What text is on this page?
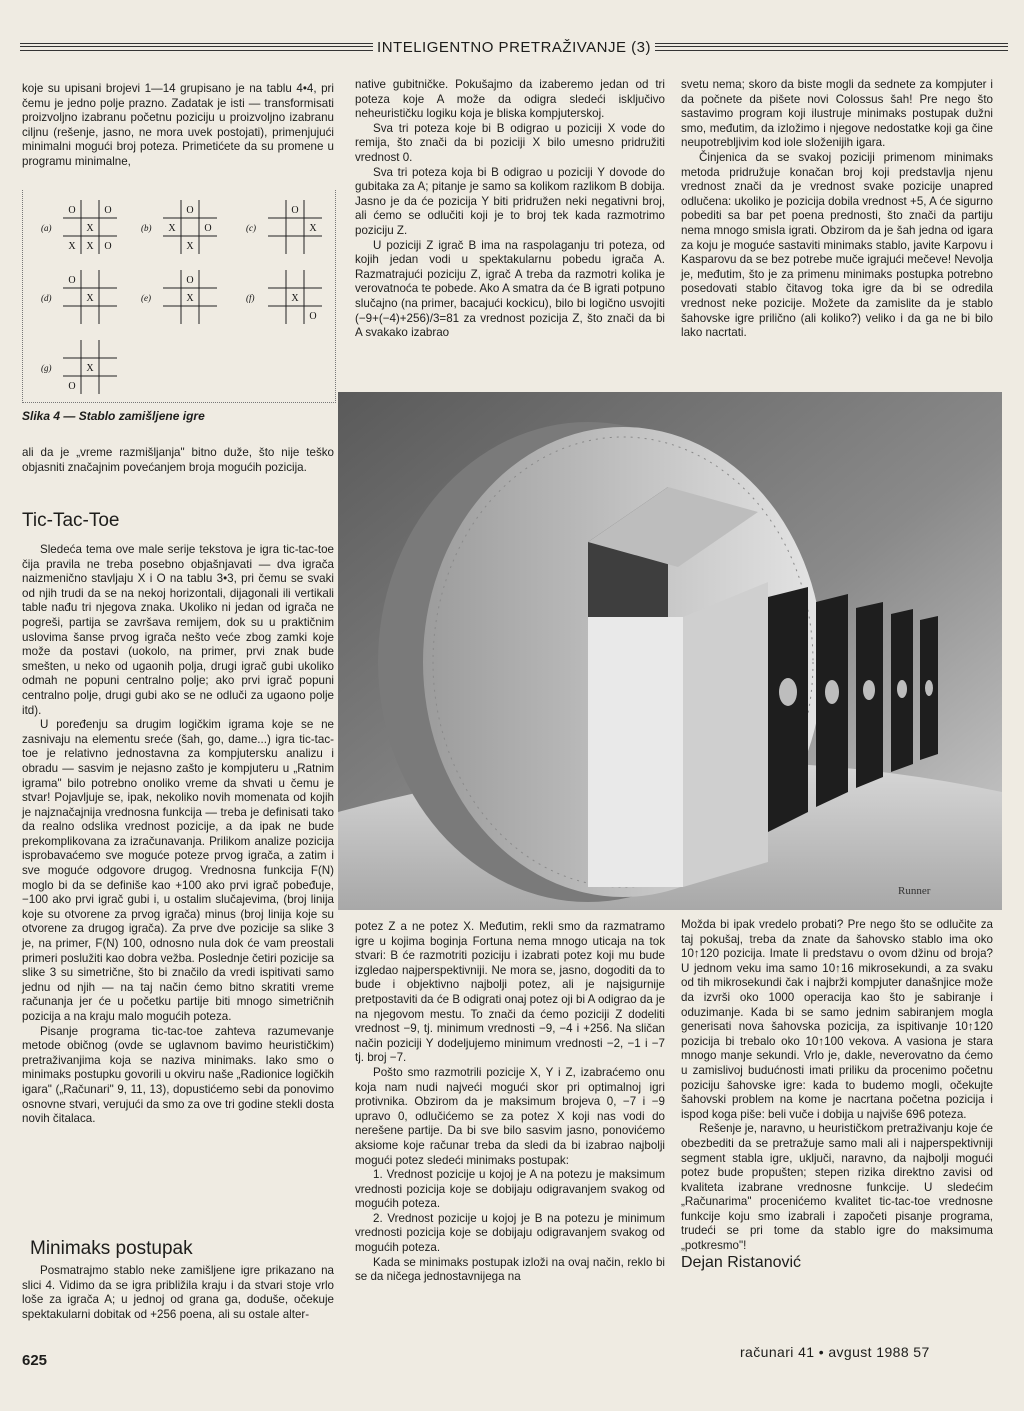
INTELIGENTNO PRETRAŽIVANJE (3)

koje su upisani brojevi 1—14 grupisano je na tablu 4•4, pri čemu je jedno polje prazno. Zadatak je isti — transformisati proizvoljno izabranu početnu poziciju u proizvoljno izabranu ciljnu (rešenje, jasno, ne mora uvek postojati), primenjujući minimalni mogući broj poteza. Primetićete da su promene u programu minimalne,

O	O
X
X X O
(a)
O
X	O
X
(b)
O
X
(c)
O
X
(d)
O
X
(e)	X
O
(f)
X
O
(g)
Slika 4 — Stablo zamišljene igre

ali da je „vreme razmišljanja" bitno duže, što nije teško objasniti značajnim povećanjem broja mogućih pozicija.

Tic-Tac-Toe

Sledeća tema ove male serije tekstova je igra tic-tac-toe čija pravila ne treba posebno objašnjavati — dva igrača naizmenično stavljaju X i O na tablu 3•3, pri čemu se svaki od njih trudi da se na nekoj horizontali, dijagonali ili vertikali table nađu tri njegova znaka. Ukoliko ni jedan od igrača ne pogreši, partija se završava remijem, dok su u praktičnim uslovima šanse prvog igrača nešto veće zbog zamki koje može da postavi (uokolo, na primer, prvi znak bude smešten, u neko od ugaonih polja, drugi igrač gubi ukoliko odmah ne popuni centralno polje; ako prvi igrač popuni centralno polje, drugi gubi ako se ne odluči za ugaono polje itd).

U poređenju sa drugim logičkim igrama koje se ne zasnivaju na elementu sreće (šah, go, dame...) igra tic-tac-toe je relativno jednostavna za kompjutersku analizu i obradu — sasvim je nejasno zašto je kompjuteru u „Ratnim igrama" bilo potrebno onoliko vreme da shvati u čemu je stvar! Pojavljuje se, ipak, nekoliko novih momenata od kojih je najznačajnija vrednosna funkcija — treba je definisati tako da realno odslika vrednost pozicije, a da ipak ne bude prekomplikovana za izračunavanja. Prilikom analize pozicija isprobavaćemo sve moguće poteze prvog igrača, a zatim i sve moguće odgovore drugog. Vrednosna funkcija F(N) moglo bi da se definiše kao +100 ako prvi igrač pobeđuje, −100 ako prvi igrač gubi i, u ostalim slučajevima, (broj linija koje su otvorene za prvog igrača) minus (broj linija koje su otvorene za drugog igrača). Za prve dve pozicije sa slike 3 je, na primer, F(N) 100, odnosno nula dok će vam preostali primeri poslužiti kao dobra vežba. Poslednje četiri pozicije sa slike 3 su simetrične, što bi značilo da vredi ispitivati samo jednu od njih — na taj način ćemo bitno skratiti vreme računanja jer će u početku partije biti mnogo simetričnih pozicija a na kraju malo mogućih poteza.

Pisanje programa tic-tac-toe zahteva razumevanje metode običnog (ovde se uglavnom bavimo heurističkim) pretraživanjima koja se naziva minimaks. Iako smo o minimaks postupku govorili u okviru naše „Radionice logičkih igara" („Računari" 9, 11, 13), dopustićemo sebi da ponovimo osnovne stvari, verujući da smo za ove tri godine stekli dosta novih čitalaca.

Minimaks postupak

Posmatrajmo stablo neke zamišljene igre prikazano na slici 4. Vidimo da se igra približila kraju i da stvari stoje vrlo loše za igrača A; u jednoj od grana ga, doduše, očekuje spektakularni dobitak od +256 poena, ali su ostale alter-

native gubitničke. Pokušajmo da izaberemo jedan od tri poteza koje A može da odigra sledeći isključivo neheurističku logiku koja je bliska kompjuterskoj.

Sva tri poteza koje bi B odigrao u poziciji X vode do remija, što znači da bi poziciji X bilo umesno pridružiti vrednost 0.

Sva tri poteza koja bi B odigrao u poziciji Y dovode do gubitaka za A; pitanje je samo sa kolikom razlikom B dobija. Jasno je da će pozicija Y biti pridružen neki negativni broj, ali ćemo se odlučiti koji je to broj tek kada razmotrimo poziciju Z.

U poziciji Z igrač B ima na raspolaganju tri poteza, od kojih jedan vodi u spektakularnu pobedu igrača A. Razmatrajući poziciju Z, igrač A treba da razmotri kolika je verovatnoća te pobede. Ako A smatra da će B igrati potpuno slučajno (na primer, bacajući kockicu), bilo bi logično usvojiti (−9+(−4)+256)/3=81 za vrednost pozicija Z, što znači da bi A svakako izabrao

svetu nema; skoro da biste mogli da sednete za kompjuter i da počnete da pišete novi Colossus šah! Pre nego što sastavimo program koji ilustruje minimaks postupak dužni smo, međutim, da izložimo i njegove nedostatke koji ga čine neupotrebljivim kod iole složenijih igara.

Činjenica da se svakoj poziciji primenom minimaks metoda pridružuje konačan broj koji predstavlja njenu vrednost znači da je vrednost svake pozicije unapred odlučena: ukoliko je pozicija dobila vrednost +5, A će sigurno pobediti sa bar pet poena prednosti, što znači da partiju nema mnogo smisla igrati. Obzirom da je šah jedna od igara za koju je moguće sastaviti minimaks stablo, javite Karpovu i Kasparovu da se bez potrebe muče igrajući mečeve! Nevolja je, međutim, što je za primenu minimaks postupka potrebno posedovati stablo čitavog toka igre da bi se odredila vrednost neke pozicije. Možete da zamislite da je stablo šahovske igre prilično (ali koliko?) veliko i da ga ne bi bilo lako nacrtati.

Runner

potez Z a ne potez X. Međutim, rekli smo da razmatramo igre u kojima boginja Fortuna nema mnogo uticaja na tok stvari: B će razmotriti poziciju i izabrati potez koji mu bude izgledao najperspektivniji. Ne mora se, jasno, dogoditi da to bude i objektivno najbolji potez, ali je najsigurnije pretpostaviti da će B odigrati onaj potez oji bi A odigrao da je na njegovom mestu. To znači da ćemo poziciji Z dodeliti vrednost −9, tj. minimum vrednosti −9, −4 i +256. Na sličan način poziciji Y dodeljujemo minimum vrednosti −2, −1 i −7 tj. broj −7.

Pošto smo razmotrili pozicije X, Y i Z, izabraćemo onu koja nam nudi najveći mogući skor pri optimalnoj igri protivnika. Obzirom da je maksimum brojeva 0, −7 i −9 upravo 0, odlučićemo se za potez X koji nas vodi do nerešene partije. Da bi sve bilo sasvim jasno, ponovićemo aksiome koje računar treba da sledi da bi izabrao najbolji mogući potez sledeći minimaks postupak:

1. Vrednost pozicije u kojoj je A na potezu je maksimum vrednosti pozicija koje se dobijaju odigravanjem svakog od mogućih poteza.

2. Vrednost pozicije u kojoj je B na potezu je minimum vrednosti pozicija koje se dobijaju odigravanjem svakog od mogućih poteza.

Kada se minimaks postupak izloži na ovaj način, reklo bi se da ničega jednostavnijega na

Možda bi ipak vredelo probati? Pre nego što se odlučite za taj pokušaj, treba da znate da šahovsko stablo ima oko 10↑120 pozicija. Imate li predstavu o ovom džinu od broja? U jednom veku ima samo 10↑16 mikrosekundi, a za svaku od tih mikrosekundi čak i najbrži kompjuter današnjice može da izvrši oko 1000 operacija kao što je sabiranje i oduzimanje. Kada bi se samo jednim sabiranjem mogla generisati nova šahovska pozicija, za ispitivanje 10↑120 pozicija bi trebalo oko 10↑100 vekova. A vasiona je stara mnogo manje sekundi. Vrlo je, dakle, neverovatno da ćemo u zamislivoj budućnosti imati priliku da procenimo početnu poziciju šahovske igre: kada to budemo mogli, očekujte šahovski problem na kome je nacrtana početna pozicija i ispod koga piše: beli vuče i dobija u najviše 696 poteza.

Rešenje je, naravno, u heurističkom pretraživanju koje će obezbediti da se pretražuje samo mali ali i najperspektivniji segment stabla igre, uključi, naravno, da najbolji mogući potez bude propušten; stepen rizika direktno zavisi od kvaliteta izabrane vrednosne funkcije. U sledećim „Računarima" procenićemo kvalitet tic-tac-toe vrednosne funkcije koju smo izabrali i započeti pisanje programa, trudeći se pri tome da stablo igre do maksimuma „potkresmo"!

Dejan Ristanović
625	računari 41 • avgust 1988 57
